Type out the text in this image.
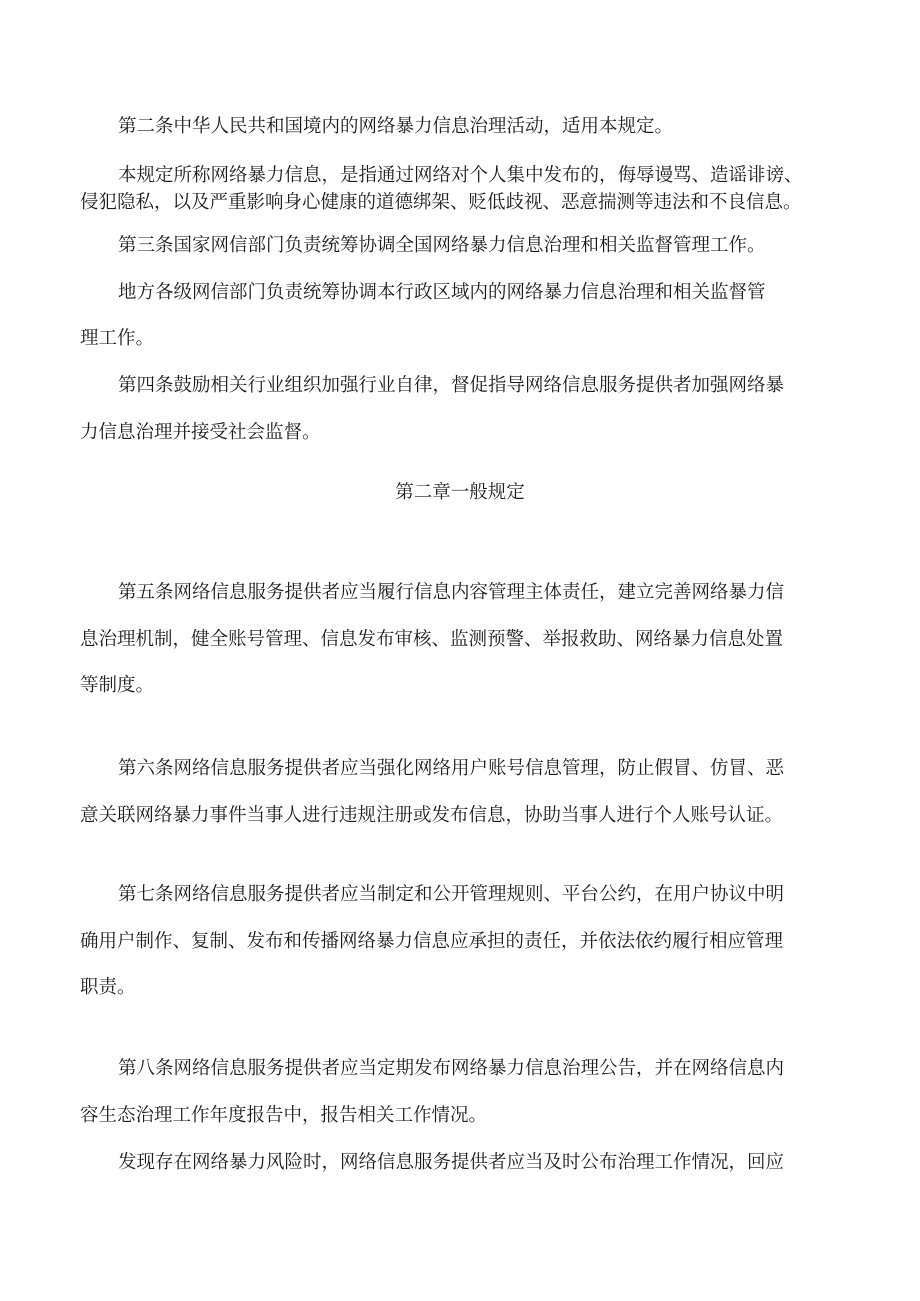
第二条中华人民共和国境内的网络暴力信息治理活动，适用本规定。
本规定所称网络暴力信息，是指通过网络对个人集中发布的，侮辱谩骂、造谣诽谤、
侵犯隐私，以及严重影响身心健康的道德绑架、贬低歧视、恶意揣测等违法和不良信息。
第三条国家网信部门负责统筹协调全国网络暴力信息治理和相关监督管理工作。
地方各级网信部门负责统筹协调本行政区域内的网络暴力信息治理和相关监督管
理工作。
第四条鼓励相关行业组织加强行业自律，督促指导网络信息服务提供者加强网络暴
力信息治理并接受社会监督。
第二章一般规定
第五条网络信息服务提供者应当履行信息内容管理主体责任，建立完善网络暴力信
息治理机制，健全账号管理、信息发布审核、监测预警、举报救助、网络暴力信息处置
等制度。
第六条网络信息服务提供者应当强化网络用户账号信息管理，防止假冒、仿冒、恶
意关联网络暴力事件当事人进行违规注册或发布信息，协助当事人进行个人账号认证。
第七条网络信息服务提供者应当制定和公开管理规则、平台公约，在用户协议中明
确用户制作、复制、发布和传播网络暴力信息应承担的责任，并依法依约履行相应管理
职责。
第八条网络信息服务提供者应当定期发布网络暴力信息治理公告，并在网络信息内
容生态治理工作年度报告中，报告相关工作情况。
发现存在网络暴力风险时，网络信息服务提供者应当及时公布治理工作情况，回应
